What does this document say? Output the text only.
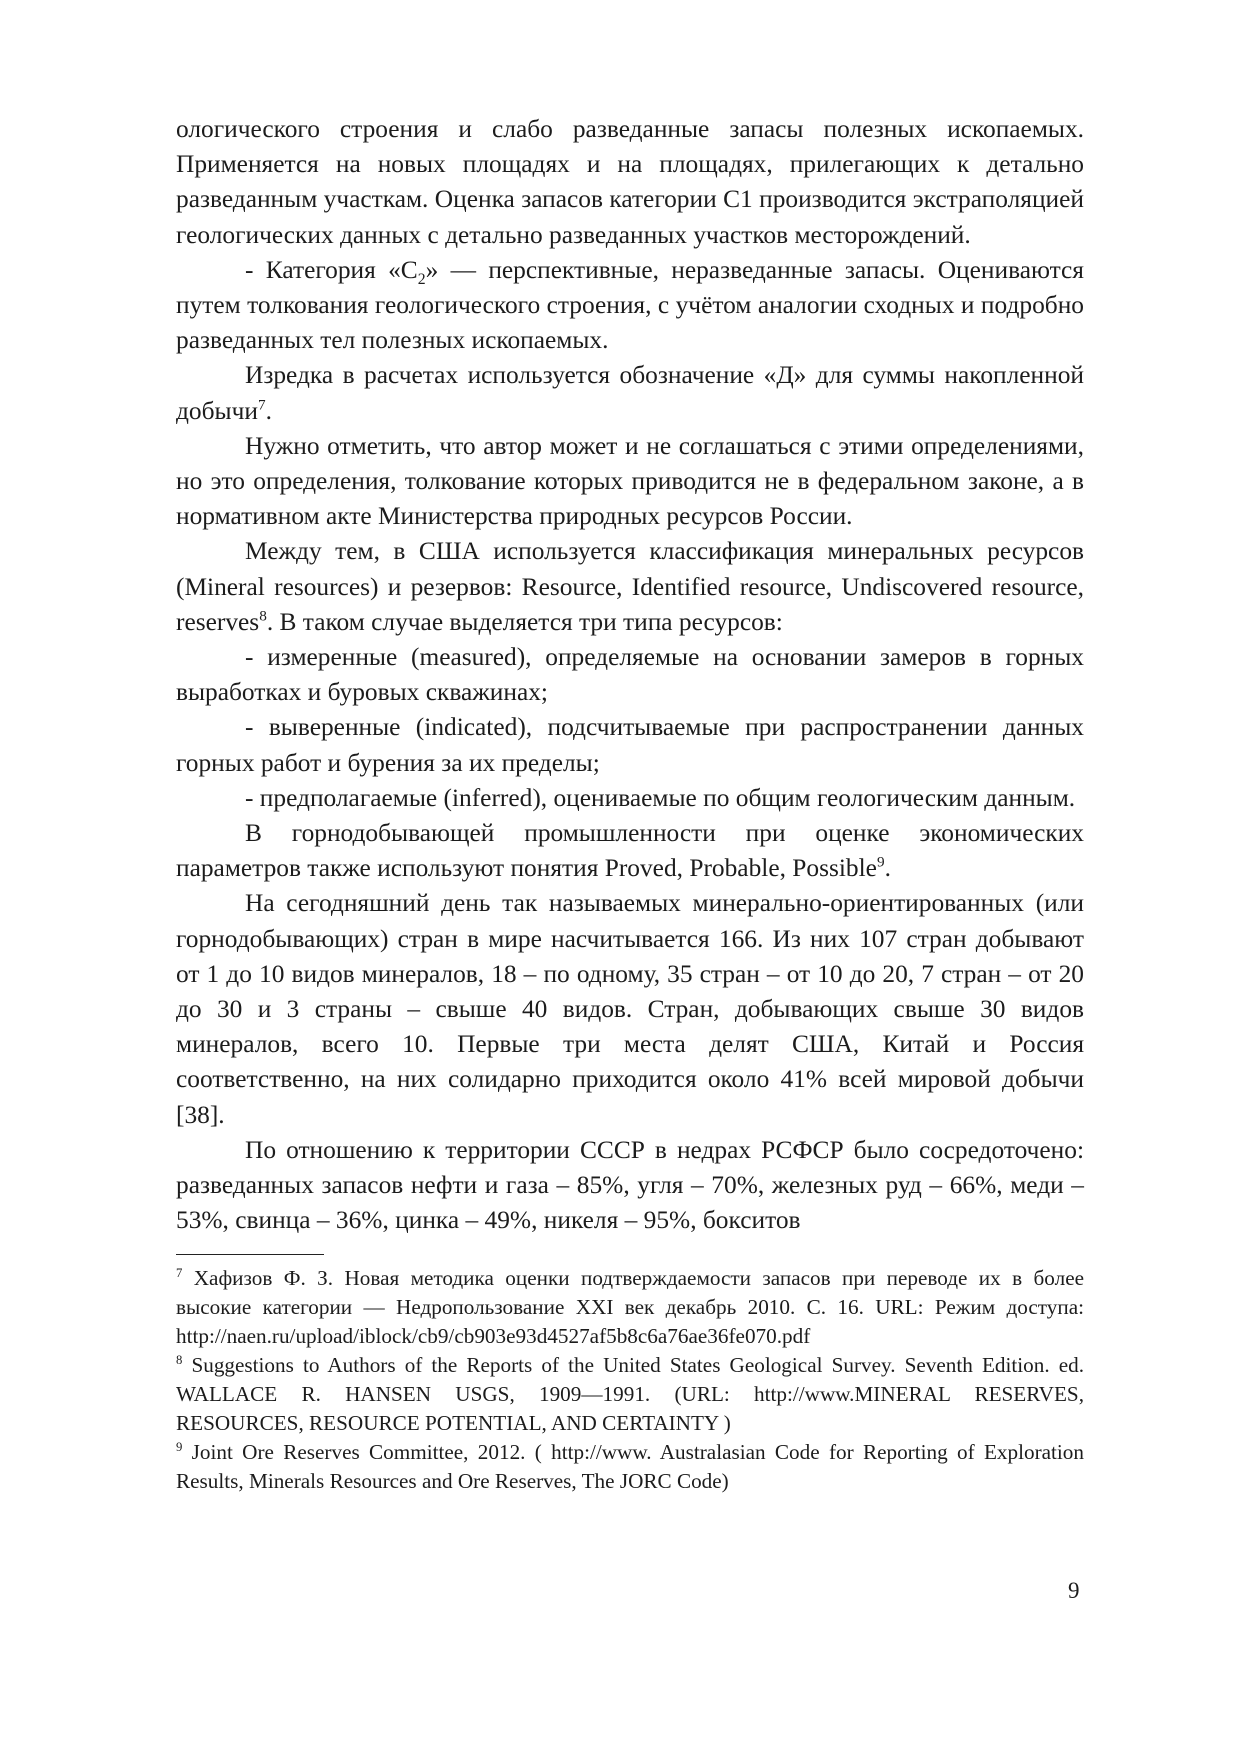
ологического строения и слабо разведанные запасы полезных ископаемых. Применяется на новых площадях и на площадях, прилегающих к детально разведанным участкам. Оценка запасов категории С1 производится экстраполяцией геологических данных с детально разведанных участков месторождений.

- Категория «$С_2$» — перспективные, неразведанные запасы. Оцениваются путем толкования геологического строения, с учётом аналогии сходных и подробно разведанных тел полезных ископаемых.

Изредка в расчетах используется обозначение «Д» для суммы накопленной добычи$^7$.

Нужно отметить, что автор может и не соглашаться с этими определениями, но это определения, толкование которых приводится не в федеральном законе, а в нормативном акте Министерства природных ресурсов России.

Между тем, в США используется классификация минеральных ресурсов (Mineral resources) и резервов: Resource, Identified resource, Undiscovered resource, reserves$^8$. В таком случае выделяется три типа ресурсов:

- измеренные (measured), определяемые на основании замеров в горных выработках и буровых скважинах;

- выверенные (indicated), подсчитываемые при распространении данных горных работ и бурения за их пределы;

- предполагаемые (inferred), оцениваемые по общим геологическим данным.

В горнодобывающей промышленности при оценке экономических параметров также используют понятия Proved, Probable, Possible$^9$.

На сегодняшний день так называемых минерально-ориентированных (или горнодобывающих) стран в мире насчитывается 166. Из них 107 стран добывают от 1 до 10 видов минералов, 18 – по одному, 35 стран – от 10 до 20, 7 стран – от 20 до 30 и 3 страны – свыше 40 видов. Стран, добывающих свыше 30 видов минералов, всего 10. Первые три места делят США, Китай и Россия соответственно, на них солидарно приходится около 41% всей мировой добычи [38].

По отношению к территории СССР в недрах РСФСР было сосредоточено: разведанных запасов нефти и газа – 85%, угля – 70%, железных руд – 66%, меди – 53%, свинца – 36%, цинка – 49%, никеля – 95%, бокситов

$^7$ Хафизов Ф. З. Новая методика оценки подтверждаемости запасов при переводе их в более высокие категории — Недропользование XXI век декабрь 2010. С. 16. URL: Режим доступа: http://naen.ru/upload/iblock/cb9/cb903e93d4527af5b8c6a76ae36fe070.pdf

$^8$ Suggestions to Authors of the Reports of the United States Geological Survey. Seventh Edition. ed. WALLACE R. HANSEN USGS, 1909—1991. (URL: http://www.MINERAL RESERVES, RESOURCES, RESOURCE POTENTIAL, AND CERTAINTY )

$^9$ Joint Ore Reserves Committee, 2012. ( http://www. Australasian Code for Reporting of Exploration Results, Minerals Resources and Ore Reserves, The JORC Code)

9
